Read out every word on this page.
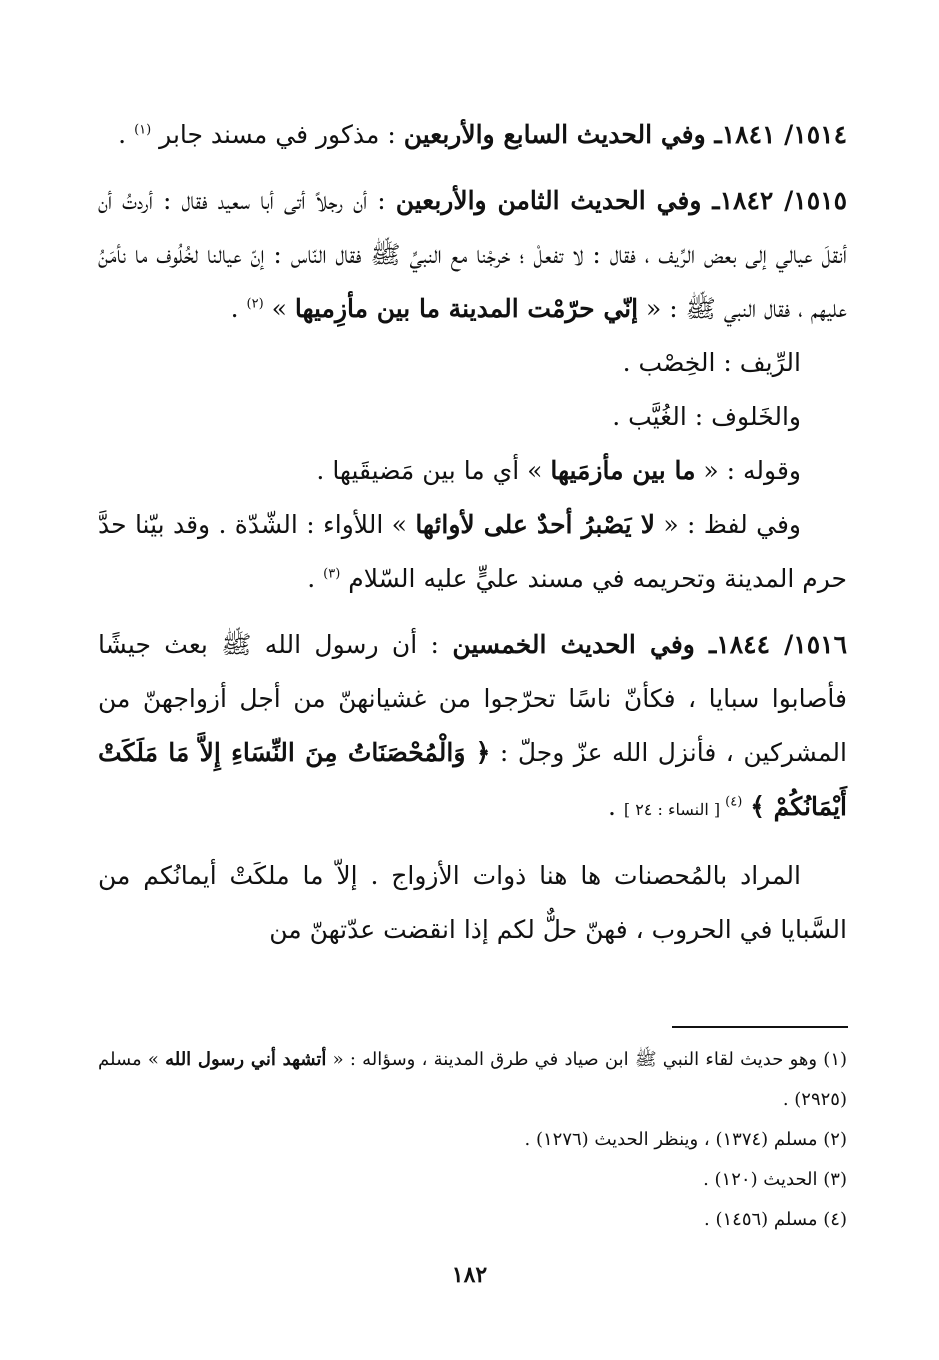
١٥١٤/ ١٨٤١ـ وفي الحديث السابع والأربعين : مذكور في مسند جابر $^{(١)}$ .

١٥١٥/ ١٨٤٢ـ وفي الحديث الثامن والأربعين : أن رجلاً أتى أبا سعيد فقال : أردتُ أن أنقلَ عيالي إلى بعض الرِّيف ، فقال : لا تفعلْ ؛ خرجْنا مع النبيِّ ﷺ فقال النّاس : إنّ عيالنا لخُلُوف ما نأمَنُ عليهم ، فقال النبي ﷺ : « إنّي حرّمْت المدينة ما بين مأزِميها » $^{(٢)}$ .

الرِّيف : الخِصْب .

والخَلوف : الغُيَّب .

وقوله : « ما بين مأزمَيها » أي ما بين مَضيقَيها .

وفي لفظ : « لا يَصْبرُ أحدٌ على لأوائها » اللأواء : الشّدّة . وقد بيّنا حدَّ حرم المدينة وتحريمه في مسند عليٍّ عليه السّلام $^{(٣)}$ .

١٥١٦/ ١٨٤٤ـ وفي الحديث الخمسين : أن رسول الله ﷺ بعث جيشًا فأصابوا سبايا ، فكأنّ ناسًا تحرّجوا من غشيانهنّ من أجل أزواجهنّ من المشركين ، فأنزل الله عزّ وجلّ : ﴿ وَالْمُحْصَنَاتُ مِنَ النِّسَاءِ إِلاَّ مَا مَلَكَتْ أَيْمَانُكُمْ ﴾ $^{(٤)}$ [ النساء : ٢٤ ] .

المراد بالمُحصنات ها هنا ذوات الأزواج . إلاّ ما ملكَتْ أيمانُكم من السَّبايا في الحروب ، فهنّ حلٌّ لكم إذا انقضت عدّتهنّ من

(١) وهو حديث لقاء النبي ﷺ ابن صياد في طرق المدينة ، وسؤاله : « أتشهد أني رسول الله » مسلم (٢٩٢٥) .

(٢) مسلم (١٣٧٤) ، وينظر الحديث (١٢٧٦) .

(٣) الحديث (١٢٠) .

(٤) مسلم (١٤٥٦) .

١٨٢
